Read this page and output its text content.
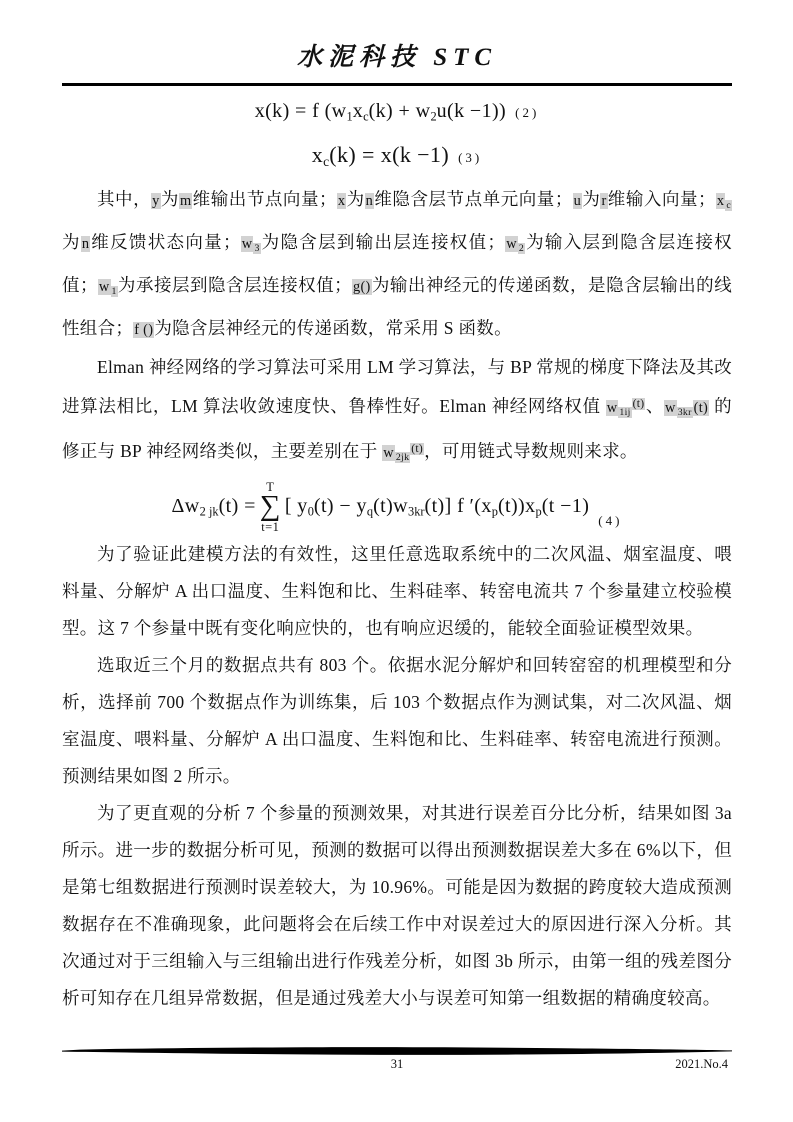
水泥科技 STC
x(k) = f (w1xc(k) + w2u(k −1)) (2)
xc(k) = x(k −1) (3)

其中，y为m维输出节点向量；x为n维隐含层节点单元向量；u为r维输入向量；x c为n维反馈状态向量；w 3为隐含层到输出层连接权值；w 2为输入层到隐含层连接权值；w 1为承接层到隐含层连接权值；g()为输出神经元的传递函数，是隐含层输出的线性组合；f ()为隐含层神经元的传递函数，常采用 S 函数。

Elman 神经网络的学习算法可采用 LM 学习算法，与 BP 常规的梯度下降法及其改进算法相比，LM 算法收敛速度快、鲁棒性好。Elman 神经网络权值 w $1ij^{(t)}$、w 3kr (t) 的修正与 BP 神经网络类似，主要差别在于 w $2jk^{(t)}$，可用链式导数规则来求。

Δw2 jk(t) =
T
∑
t=1
[ y0(t) − yq(t)w3kr(t)] f ′(xp(t))xp(t −1)
(4)

为了验证此建模方法的有效性，这里任意选取系统中的二次风温、烟室温度、喂料量、分解炉 A 出口温度、生料饱和比、生料硅率、转窑电流共 7 个参量建立校验模型。这 7 个参量中既有变化响应快的，也有响应迟缓的，能较全面验证模型效果。

选取近三个月的数据点共有 803 个。依据水泥分解炉和回转窑窑的机理模型和分析，选择前 700 个数据点作为训练集，后 103 个数据点作为测试集，对二次风温、烟室温度、喂料量、分解炉 A 出口温度、生料饱和比、生料硅率、转窑电流进行预测。预测结果如图 2 所示。

为了更直观的分析 7 个参量的预测效果，对其进行误差百分比分析，结果如图 3a 所示。进一步的数据分析可见，预测的数据可以得出预测数据误差大多在 6%以下，但是第七组数据进行预测时误差较大，为 10.96%。可能是因为数据的跨度较大造成预测数据存在不准确现象，此问题将会在后续工作中对误差过大的原因进行深入分析。其次通过对于三组输入与三组输出进行作残差分析，如图 3b 所示，由第一组的残差图分析可知存在几组异常数据，但是通过残差大小与误差可知第一组数据的精确度较高。

31	2021.No.4
